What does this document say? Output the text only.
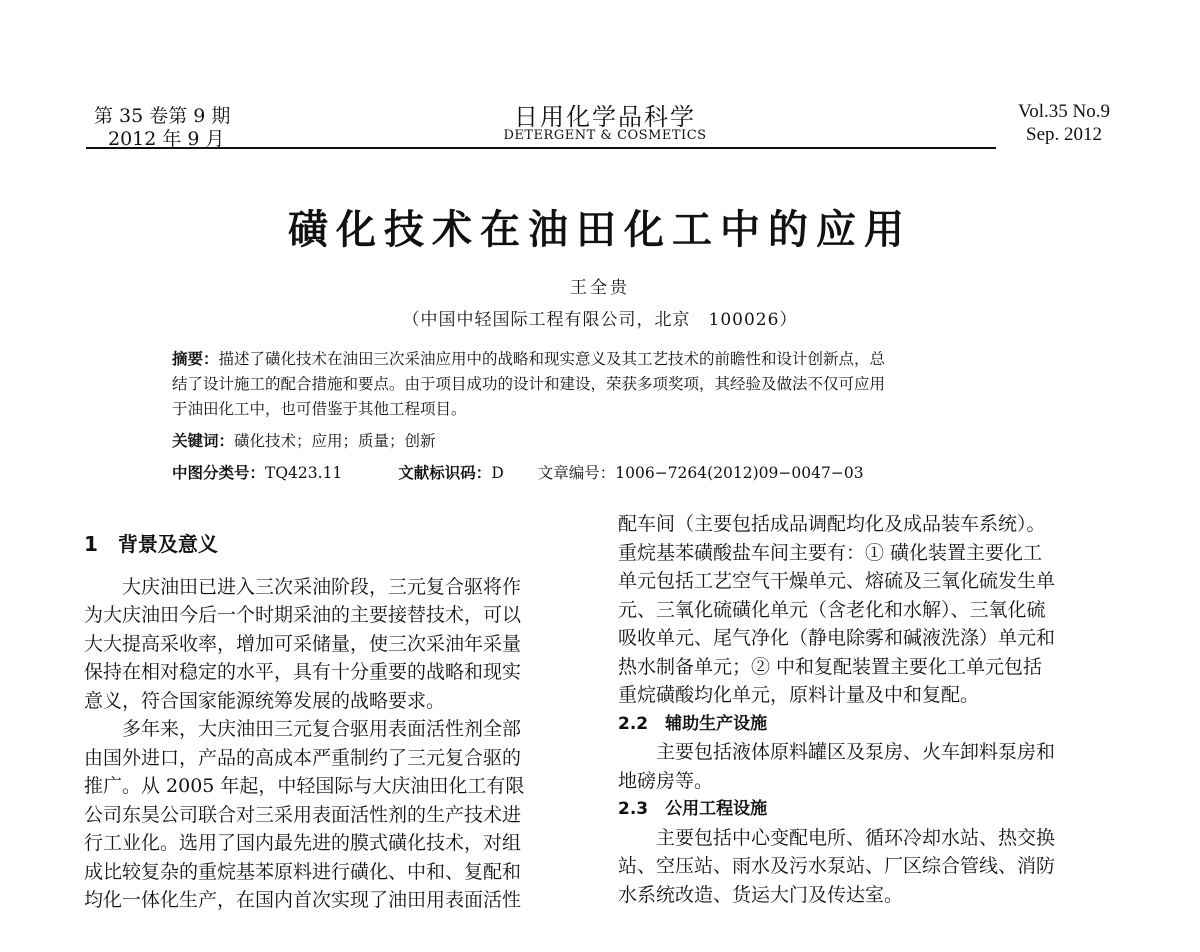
第 35 卷第 9 期
2012 年 9 月
日用化学品科学
DETERGENT & COSMETICS
Vol.35 No.9
Sep. 2012
磺化技术在油田化工中的应用
王全贵
（中国中轻国际工程有限公司，北京　100026）
摘要：描述了磺化技术在油田三次采油应用中的战略和现实意义及其工艺技术的前瞻性和设计创新点，总
结了设计施工的配合措施和要点。由于项目成功的设计和建设，荣获多项奖项，其经验及做法不仅可应用
于油田化工中，也可借鉴于其他工程项目。
关键词：磺化技术；应用；质量；创新
中图分类号：TQ423.11	文献标识码：D 文章编号：1006−7264(2012)09−0047−03
1　背景及意义

大庆油田已进入三次采油阶段，三元复合驱将作
为大庆油田今后一个时期采油的主要接替技术，可以
大大提高采收率，增加可采储量，使三次采油年采量
保持在相对稳定的水平，具有十分重要的战略和现实
意义，符合国家能源统筹发展的战略要求。

多年来，大庆油田三元复合驱用表面活性剂全部
由国外进口，产品的高成本严重制约了三元复合驱的
推广。从 2005 年起，中轻国际与大庆油田化工有限
公司东昊公司联合对三采用表面活性剂的生产技术进
行工业化。选用了国内最先进的膜式磺化技术，对组
成比较复杂的重烷基苯原料进行磺化、中和、复配和
均化一体化生产，在国内首次实现了油田用表面活性

配车间（主要包括成品调配均化及成品装车系统）。
重烷基苯磺酸盐车间主要有：① 磺化装置主要化工
单元包括工艺空气干燥单元、熔硫及三氧化硫发生单
元、三氧化硫磺化单元（含老化和水解）、三氧化硫
吸收单元、尾气净化（静电除雾和碱液洗涤）单元和
热水制备单元；② 中和复配装置主要化工单元包括
重烷磺酸均化单元，原料计量及中和复配。

2.2　辅助生产设施

主要包括液体原料罐区及泵房、火车卸料泵房和
地磅房等。

2.3　公用工程设施

主要包括中心变配电所、循环冷却水站、热交换
站、空压站、雨水及污水泵站、厂区综合管线、消防
水系统改造、货运大门及传达室。
